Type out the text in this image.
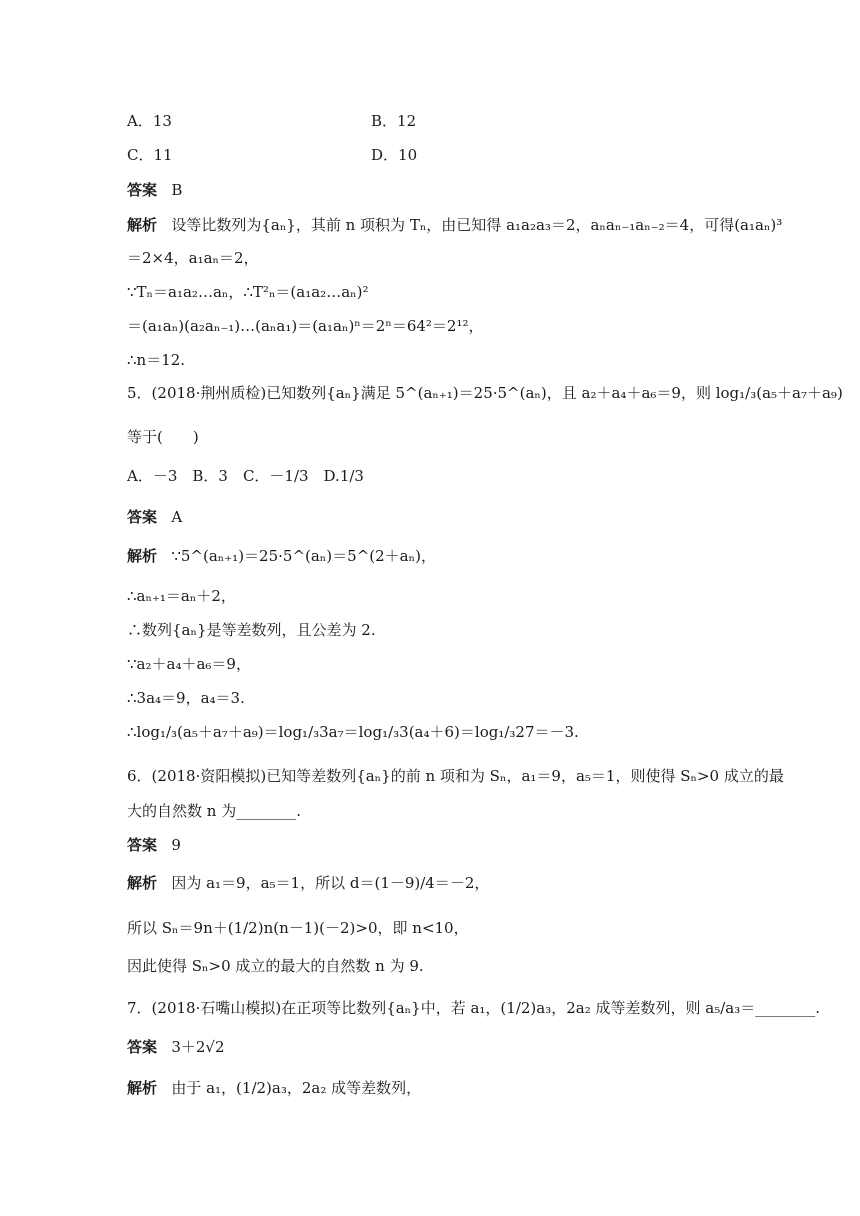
A．13	B．12
C．11	D．10
答案 B
解析 设等比数列为{aₙ}，其前 n 项积为 Tₙ，由已知得 a₁a₂a₃＝2，aₙaₙ₋₁aₙ₋₂＝4，可得(a₁aₙ)³
＝2×4，a₁aₙ＝2，
∵Tₙ＝a₁a₂…aₙ，∴T²ₙ＝(a₁a₂…aₙ)²
＝(a₁aₙ)(a₂aₙ₋₁)…(aₙa₁)＝(a₁aₙ)ⁿ＝2ⁿ＝64²＝2¹²，
∴n＝12.
5．(2018·荆州质检)已知数列{aₙ}满足 5^(aₙ₊₁)＝25·5^(aₙ)，且 a₂＋a₄＋a₆＝9，则 log₁/₃(a₅＋a₇＋a₉)
等于(　　)
A．－3　B．3　C．－1/3　D.1/3
答案 A
解析 ∵5^(aₙ₊₁)＝25·5^(aₙ)＝5^(2＋aₙ)，
∴aₙ₊₁＝aₙ＋2，
∴数列{aₙ}是等差数列，且公差为 2.
∵a₂＋a₄＋a₆＝9，
∴3a₄＝9，a₄＝3.
∴log₁/₃(a₅＋a₇＋a₉)＝log₁/₃3a₇＝log₁/₃3(a₄＋6)＝log₁/₃27＝－3.
6．(2018·资阳模拟)已知等差数列{aₙ}的前 n 项和为 Sₙ，a₁＝9，a₅＝1，则使得 Sₙ>0 成立的最
大的自然数 n 为________.
答案 9
解析 因为 a₁＝9，a₅＝1，所以 d＝(1－9)/4＝－2，
所以 Sₙ＝9n＋(1/2)n(n－1)(－2)>0，即 n<10，
因此使得 Sₙ>0 成立的最大的自然数 n 为 9.
7．(2018·石嘴山模拟)在正项等比数列{aₙ}中，若 a₁，(1/2)a₃，2a₂ 成等差数列，则 a₅/a₃＝________.
答案 3＋2√2
解析 由于 a₁，(1/2)a₃，2a₂ 成等差数列，
